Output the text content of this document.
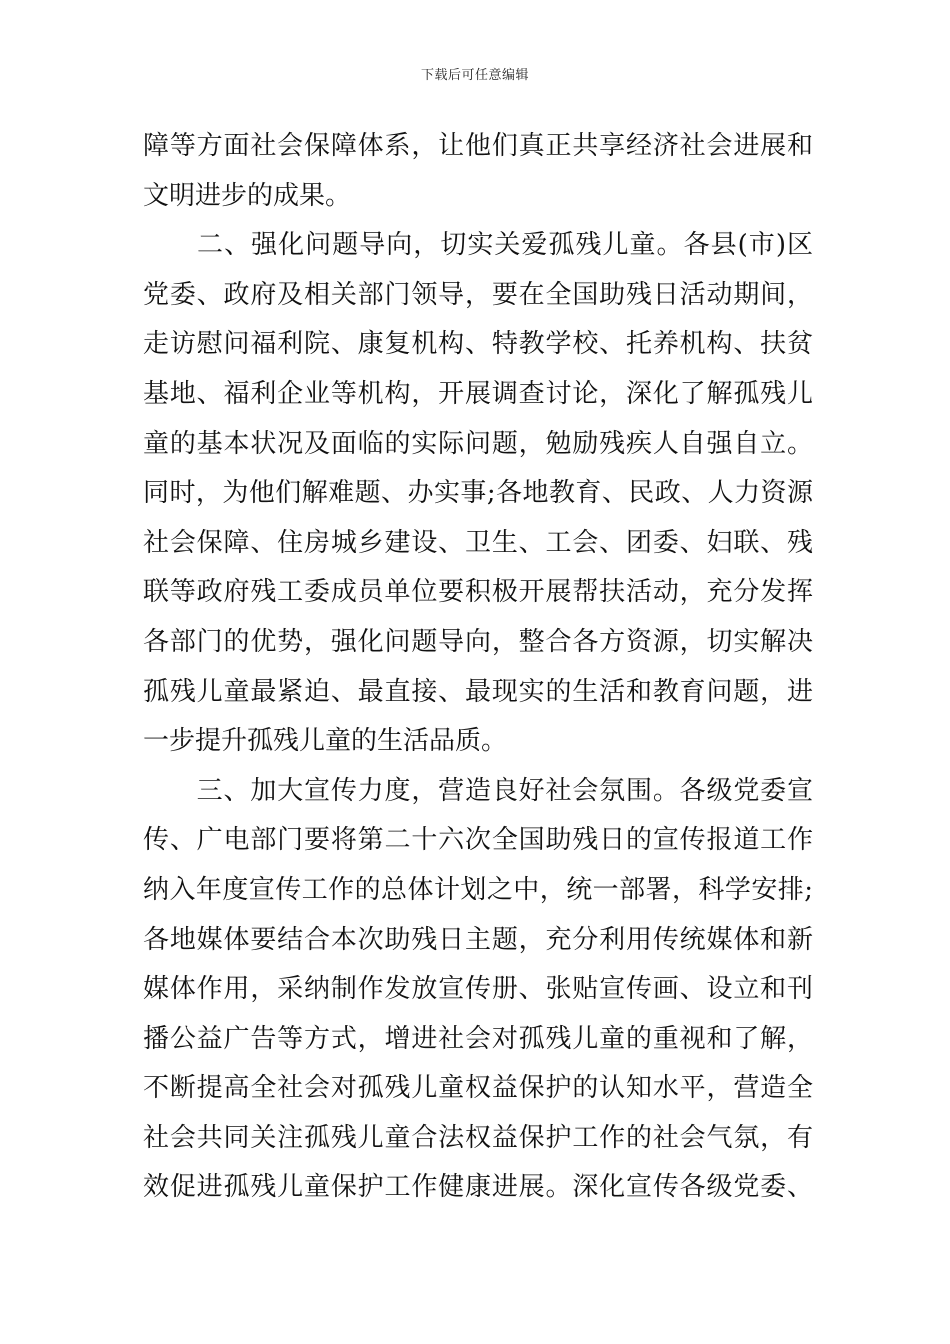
下载后可任意编辑
障等方面社会保障体系，让他们真正共享经济社会进展和
文明进步的成果。
　　二、强化问题导向，切实关爱孤残儿童。各县(市)区
党委、政府及相关部门领导，要在全国助残日活动期间，
走访慰问福利院、康复机构、特教学校、托养机构、扶贫
基地、福利企业等机构，开展调查讨论，深化了解孤残儿
童的基本状况及面临的实际问题，勉励残疾人自强自立。
同时，为他们解难题、办实事;各地教育、民政、人力资源
社会保障、住房城乡建设、卫生、工会、团委、妇联、残
联等政府残工委成员单位要积极开展帮扶活动，充分发挥
各部门的优势，强化问题导向，整合各方资源，切实解决
孤残儿童最紧迫、最直接、最现实的生活和教育问题，进
一步提升孤残儿童的生活品质。
　　三、加大宣传力度，营造良好社会氛围。各级党委宣
传、广电部门要将第二十六次全国助残日的宣传报道工作
纳入年度宣传工作的总体计划之中，统一部署，科学安排;
各地媒体要结合本次助残日主题，充分利用传统媒体和新
媒体作用，采纳制作发放宣传册、张贴宣传画、设立和刊
播公益广告等方式，增进社会对孤残儿童的重视和了解，
不断提高全社会对孤残儿童权益保护的认知水平，营造全
社会共同关注孤残儿童合法权益保护工作的社会气氛，有
效促进孤残儿童保护工作健康进展。深化宣传各级党委、
